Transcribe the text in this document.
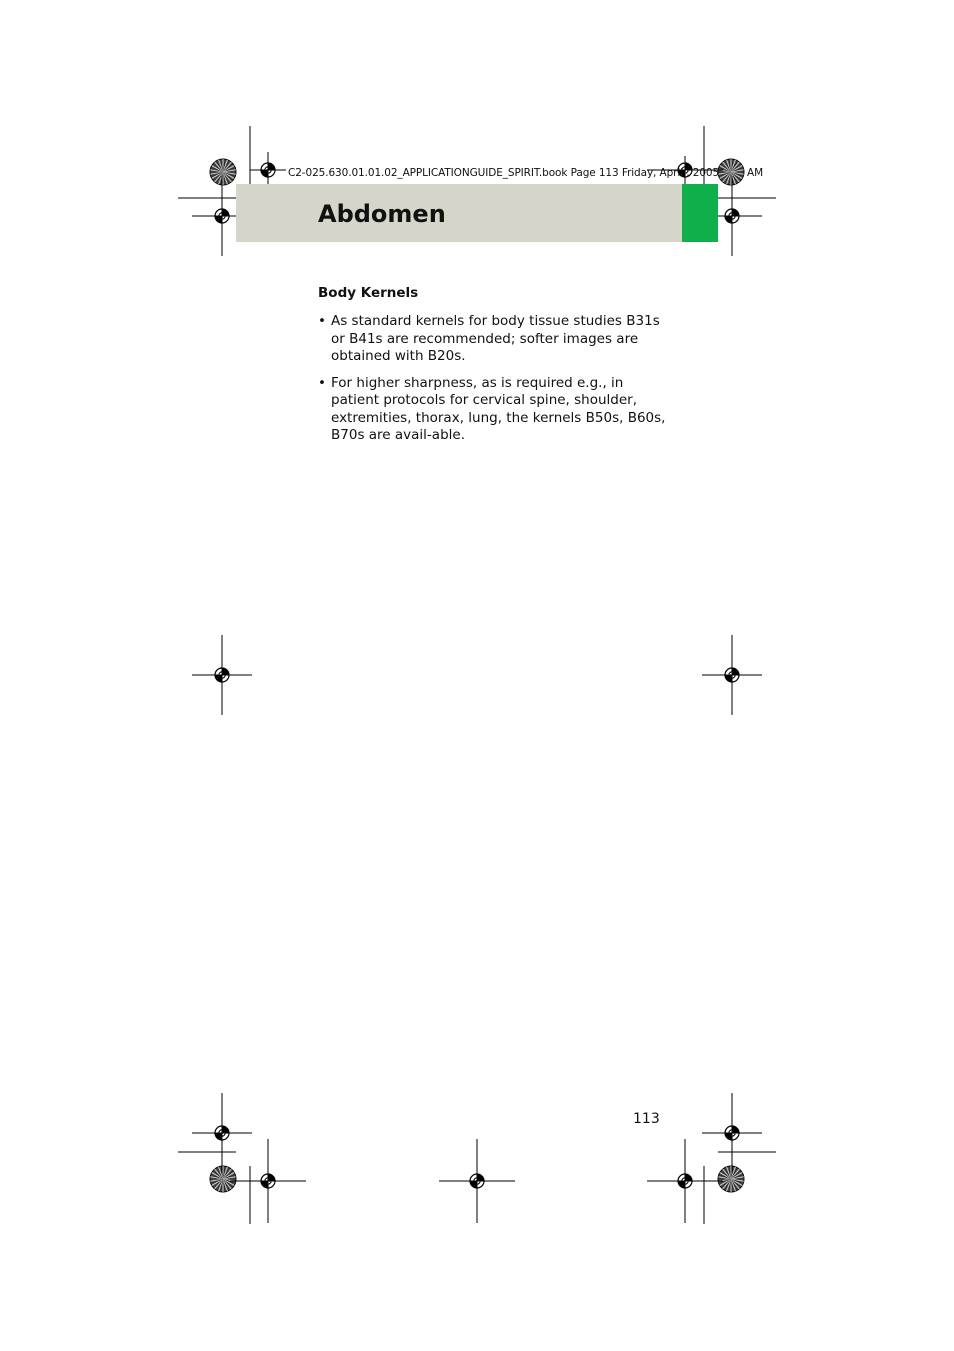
C2-025.630.01.01.02_APPLICATIONGUIDE_SPIRIT.book Page 113 Friday, April , 2005	AM
Abdomen
Body Kernels
• As standard kernels for body tissue studies B31s or B41s are recommended; softer images are obtained with B20s.
• For higher sharpness, as is required e.g., in patient protocols for cervical spine, shoulder, extremities, thorax, lung, the kernels B50s, B60s, B70s are avail-able.
113
